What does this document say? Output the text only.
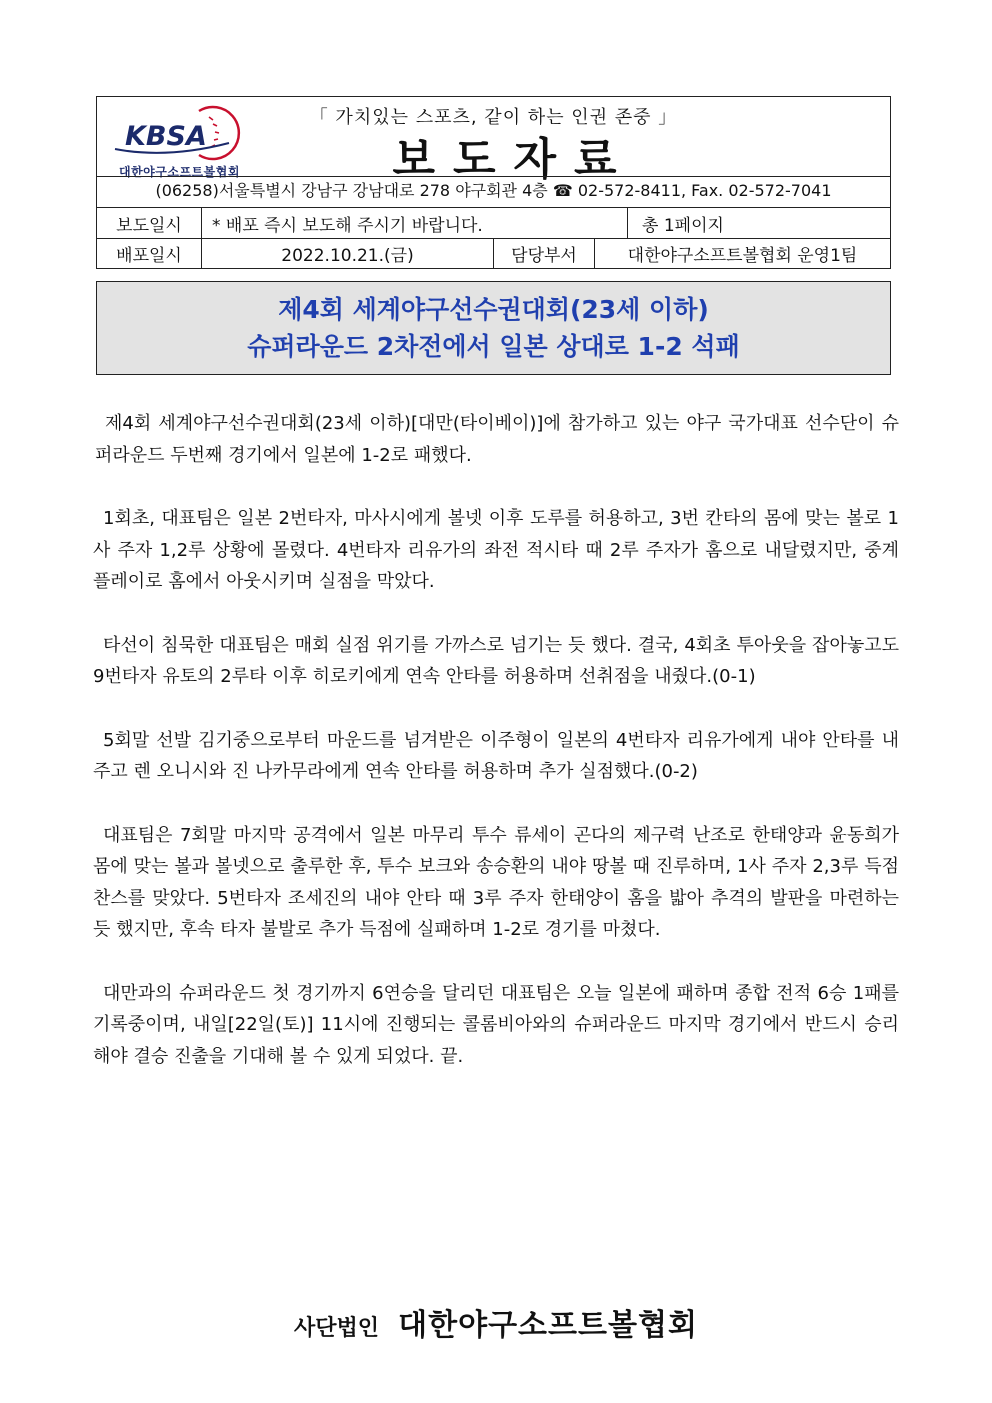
KBSA
대한야구소프트볼협회
「 가치있는 스포츠, 같이 하는 인권 존중 」
보도자료
(06258)서울특별시 강남구 강남대로 278 야구회관 4층 ☎ 02-572-8411, Fax. 02-572-7041
보도일시	* 배포 즉시 보도해 주시기 바랍니다.	총 1페이지
배포일시	2022.10.21.(금)	담당부서	대한야구소프트볼협회 운영1팀
제4회 세계야구선수권대회(23세 이하)
슈퍼라운드 2차전에서 일본 상대로 1-2 석패

제4회 세계야구선수권대회(23세 이하)[대만(타이베이)]에 참가하고 있는 야구 국가대표 선수단이 슈퍼라운드 두번째 경기에서 일본에 1-2로 패했다.

1회초, 대표팀은 일본 2번타자, 마사시에게 볼넷 이후 도루를 허용하고, 3번 칸타의 몸에 맞는 볼로 1사 주자 1,2루 상황에 몰렸다. 4번타자 리유가의 좌전 적시타 때 2루 주자가 홈으로 내달렸지만, 중계 플레이로 홈에서 아웃시키며 실점을 막았다.

타선이 침묵한 대표팀은 매회 실점 위기를 가까스로 넘기는 듯 했다. 결국, 4회초 투아웃을 잡아놓고도 9번타자 유토의 2루타 이후 히로키에게 연속 안타를 허용하며 선취점을 내줬다.(0-1)

5회말 선발 김기중으로부터 마운드를 넘겨받은 이주형이 일본의 4번타자 리유가에게 내야 안타를 내주고 렌 오니시와 진 나카무라에게 연속 안타를 허용하며 추가 실점했다.(0-2)

대표팀은 7회말 마지막 공격에서 일본 마무리 투수 류세이 곤다의 제구력 난조로 한태양과 윤동희가 몸에 맞는 볼과 볼넷으로 출루한 후, 투수 보크와 송승환의 내야 땅볼 때 진루하며, 1사 주자 2,3루 득점 찬스를 맞았다. 5번타자 조세진의 내야 안타 때 3루 주자 한태양이 홈을 밟아 추격의 발판을 마련하는 듯 했지만, 후속 타자 불발로 추가 득점에 실패하며 1-2로 경기를 마쳤다.

대만과의 슈퍼라운드 첫 경기까지 6연승을 달리던 대표팀은 오늘 일본에 패하며 종합 전적 6승 1패를 기록중이며, 내일[22일(토)] 11시에 진행되는 콜롬비아와의 슈퍼라운드 마지막 경기에서 반드시 승리해야 결승 진출을 기대해 볼 수 있게 되었다. 끝.

사단법인 대한야구소프트볼협회
